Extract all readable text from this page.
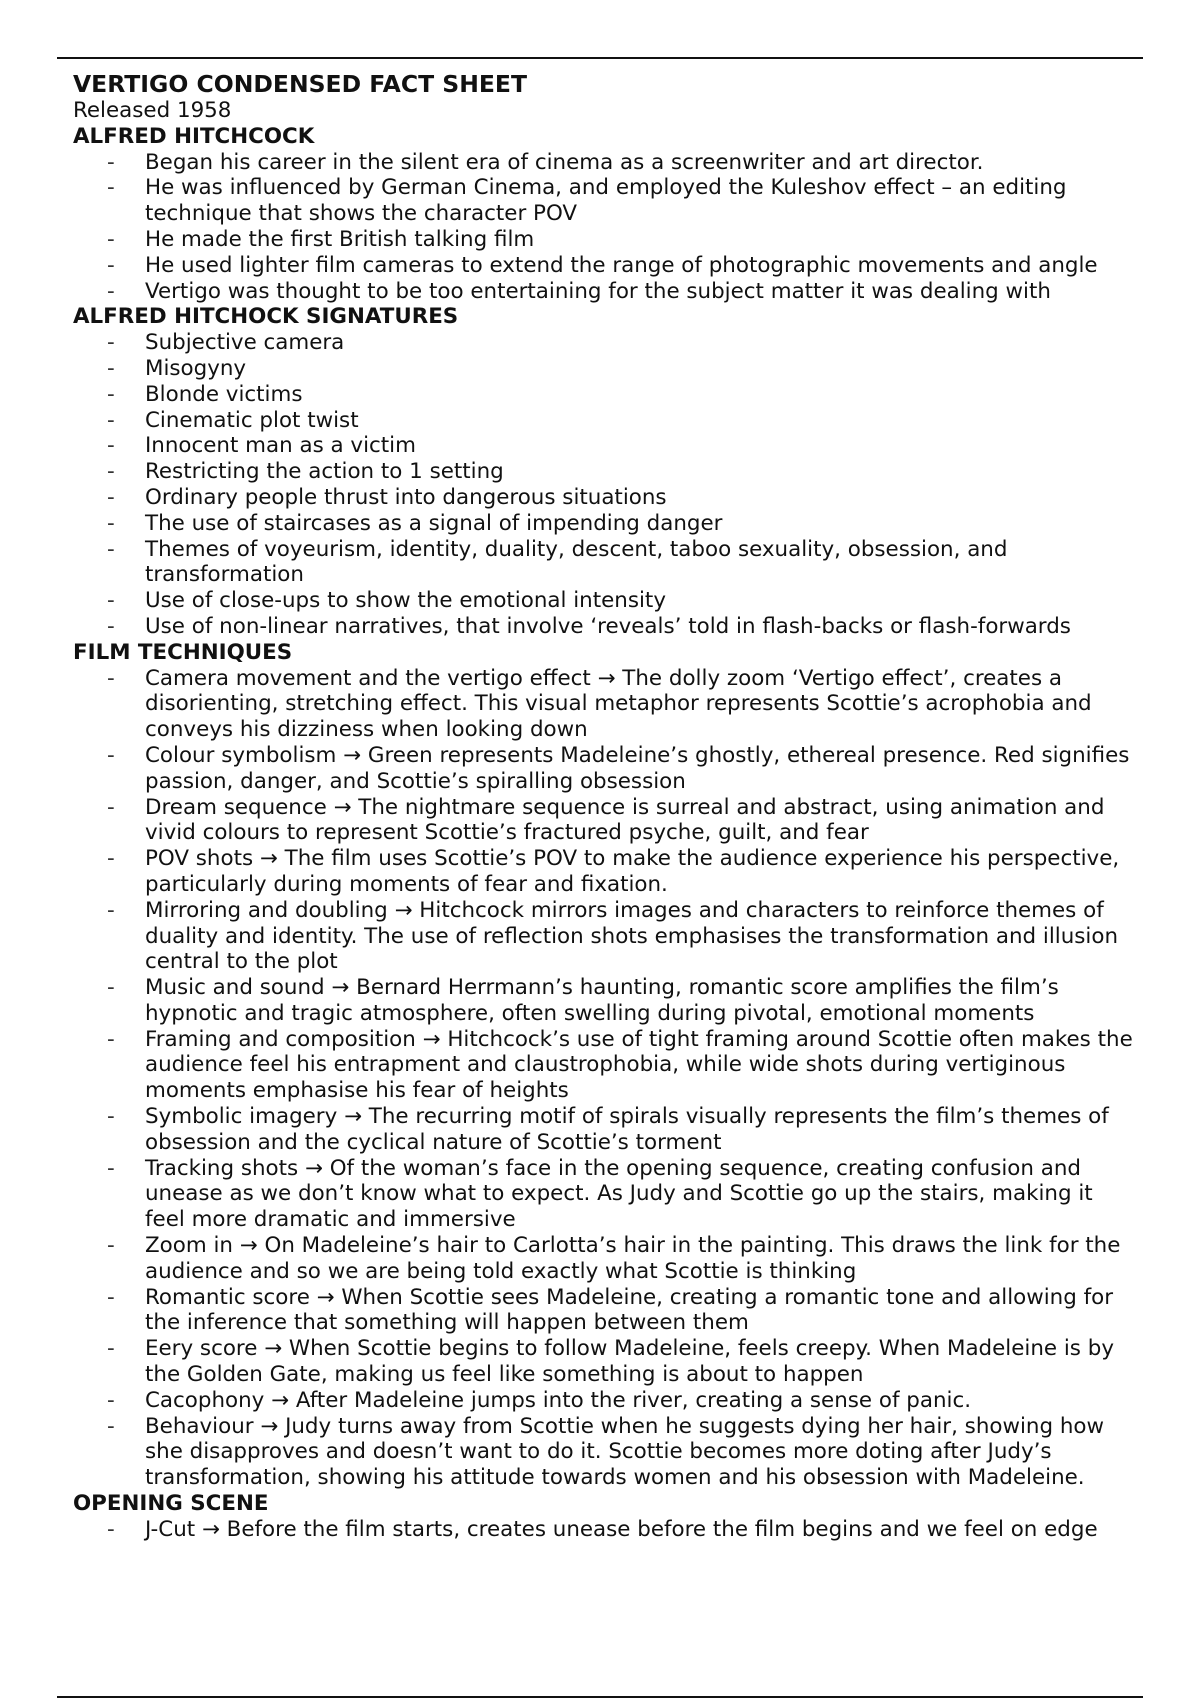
VERTIGO CONDENSED FACT SHEET
Released 1958
ALFRED HITCHCOCK
- Began his career in the silent era of cinema as a screenwriter and art director.
- He was influenced by German Cinema, and employed the Kuleshov effect – an editing technique that shows the character POV
- He made the first British talking film
- He used lighter film cameras to extend the range of photographic movements and angle
- Vertigo was thought to be too entertaining for the subject matter it was dealing with
ALFRED HITCHOCK SIGNATURES
- Subjective camera
- Misogyny
- Blonde victims
- Cinematic plot twist
- Innocent man as a victim
- Restricting the action to 1 setting
- Ordinary people thrust into dangerous situations
- The use of staircases as a signal of impending danger
- Themes of voyeurism, identity, duality, descent, taboo sexuality, obsession, and transformation
- Use of close-ups to show the emotional intensity
- Use of non-linear narratives, that involve ‘reveals’ told in flash-backs or flash-forwards
FILM TECHNIQUES
- Camera movement and the vertigo effect → The dolly zoom ‘Vertigo effect’, creates a disorienting, stretching effect. This visual metaphor represents Scottie’s acrophobia and conveys his dizziness when looking down
- Colour symbolism → Green represents Madeleine’s ghostly, ethereal presence. Red signifies passion, danger, and Scottie’s spiralling obsession
- Dream sequence → The nightmare sequence is surreal and abstract, using animation and vivid colours to represent Scottie’s fractured psyche, guilt, and fear
- POV shots → The film uses Scottie’s POV to make the audience experience his perspective, particularly during moments of fear and fixation.
- Mirroring and doubling → Hitchcock mirrors images and characters to reinforce themes of duality and identity. The use of reflection shots emphasises the transformation and illusion central to the plot
- Music and sound → Bernard Herrmann’s haunting, romantic score amplifies the film’s hypnotic and tragic atmosphere, often swelling during pivotal, emotional moments
- Framing and composition → Hitchcock’s use of tight framing around Scottie often makes the audience feel his entrapment and claustrophobia, while wide shots during vertiginous moments emphasise his fear of heights
- Symbolic imagery → The recurring motif of spirals visually represents the film’s themes of obsession and the cyclical nature of Scottie’s torment
- Tracking shots → Of the woman’s face in the opening sequence, creating confusion and unease as we don’t know what to expect. As Judy and Scottie go up the stairs, making it feel more dramatic and immersive
- Zoom in → On Madeleine’s hair to Carlotta’s hair in the painting. This draws the link for the audience and so we are being told exactly what Scottie is thinking
- Romantic score → When Scottie sees Madeleine, creating a romantic tone and allowing for the inference that something will happen between them
- Eery score → When Scottie begins to follow Madeleine, feels creepy. When Madeleine is by the Golden Gate, making us feel like something is about to happen
- Cacophony → After Madeleine jumps into the river, creating a sense of panic.
- Behaviour → Judy turns away from Scottie when he suggests dying her hair, showing how she disapproves and doesn’t want to do it. Scottie becomes more doting after Judy’s transformation, showing his attitude towards women and his obsession with Madeleine.
OPENING SCENE
- J-Cut → Before the film starts, creates unease before the film begins and we feel on edge
